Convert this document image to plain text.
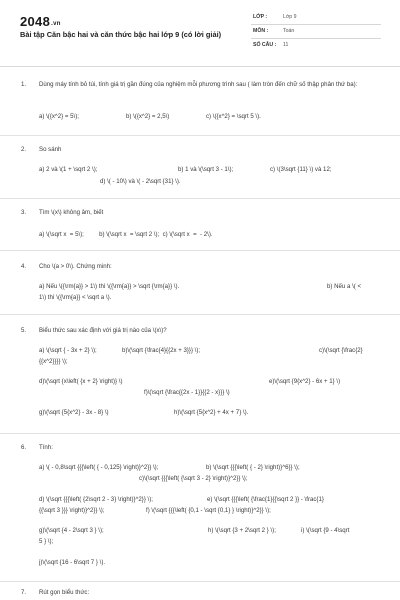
2048.vn
Bài tập Căn bậc hai và căn thức bậc hai lớp 9 (có lời giải)
LỚP :	Lớp 9
MÔN :	Toán
SỐ CÂU : 11
1. Dùng máy tính bỏ túi, tính giá trị gần đúng của nghiệm mỗi phương trình sau ( làm tròn đến chữ số thập phân thứ ba):
a) \({x^2} = 5\);	b) \({x^2} = 2,5\)	c) \({x^2} = \sqrt 5 \).
2. So sánh
a) 2 và \(1 + \sqrt 2 \);	b) 1 và \(\sqrt 3 - 1\);	c) \(3\sqrt {11} \) và 12;
d) \( - 10\) và \( - 2\sqrt {31} \).
3. Tìm \(x\) không âm, biết
a) \(\sqrt x  = 5\);         b) \(\sqrt x  = \sqrt 2 \);  c) \(\sqrt x  =  - 2\).
4. Cho \(a > 0\). Chứng minh:
a) Nếu \({\rm{a}} > 1\) thì \({\rm{a}} > \sqrt {\rm{a}} \).	b) Nếu a \( <
1\) thì \({\rm{a}} < \sqrt a \).
5. Biểu thức sau xác định với giá trị nào của \(x\)?
a) \(\sqrt { - 3x + 2} \);	b)\(\sqrt {\frac{4}{{2x + 3}}} \);	c)\(\sqrt {\frac{2}
{{x^2}}}} \);
d)\(\sqrt {x\left( {x + 2} \right)} \)	e)\(\sqrt {9{x^2} - 6x + 1} \)
f)\(\sqrt {\frac{{2x - 1}}{{2 - x}}} \)
g)\(\sqrt {5{x^2} - 3x - 8} \)	h)\(\sqrt {5{x^2} + 4x + 7} \).
6. Tính:
a) \( - 0,8\sqrt {{{\left( { - 0,125} \right)}^2}} \);	b) \(\sqrt {{{\left( { - 2} \right)}^6}} \);
c)\(\sqrt {{{\left( {\sqrt 3 - 2} \right)}^2}} \);
d) \(\sqrt {{{\left( {2\sqrt 2 - 3} \right)}^2}} \);	e) \(\sqrt {{{\left( {\frac{1}{{\sqrt 2 }} - \frac{1}
{{\sqrt 3 }}} \right)}^2}} \);	f) \(\sqrt {{{\left( {0,1 - \sqrt {0,1} } \right)}^2}} \);
g)\(\sqrt {4 - 2\sqrt 3 } \);	h) \(\sqrt {3 + 2\sqrt 2 } \);	i) \(\sqrt {9 - 4\sqrt
5 } \);
j)\(\sqrt {16 - 6\sqrt 7 } \).
7. Rút gọn biểu thức:
